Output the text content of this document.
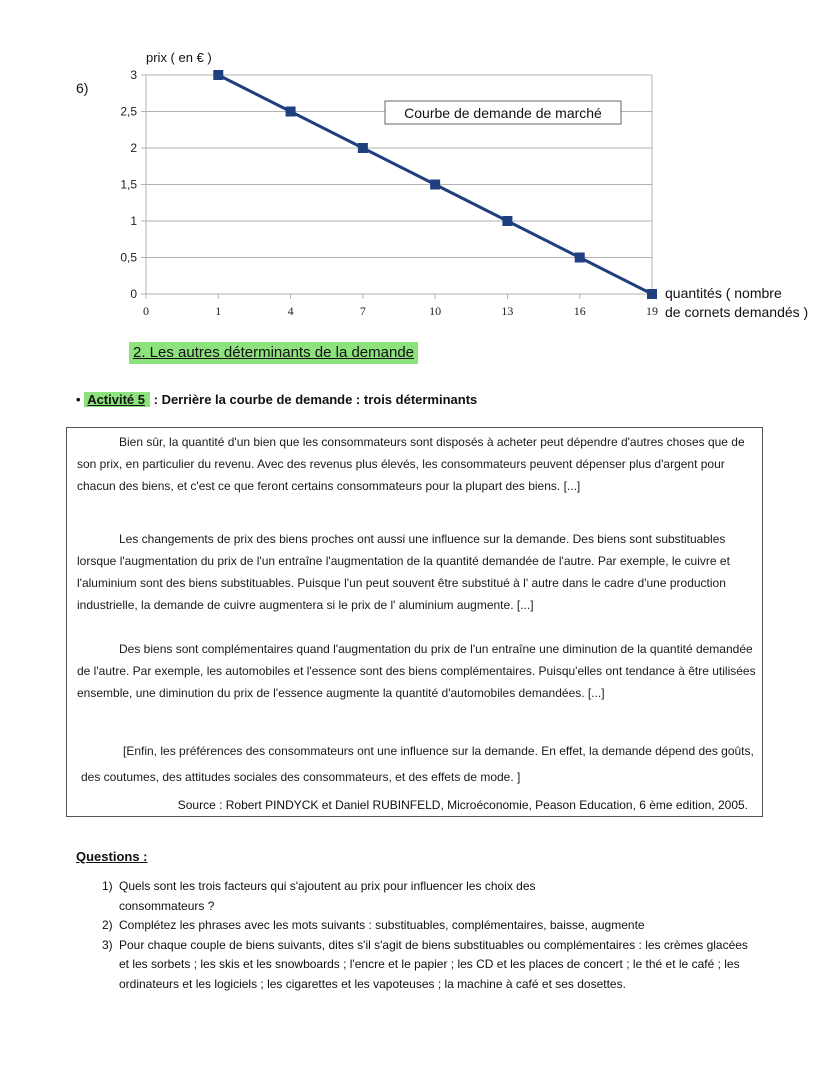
6)
0
0,5
1
1,5
2
2,5
3
0	1	4	7	10	13	16	19
prix ( en € )
quantités ( nombre
de cornets demandés )
Courbe de demande de marché
2. Les autres déterminants de la demande
• Activité 5 : Derrière la courbe de demande : trois déterminants
Bien sûr, la quantité d'un bien que les consommateurs sont disposés à acheter peut dépendre d'autres choses que de son prix, en particulier du revenu. Avec des revenus plus élevés, les consommateurs peuvent dépenser plus d'argent pour chacun des biens, et c'est ce que feront certains consommateurs pour la plupart des biens. [...]
Les changements de prix des biens proches ont aussi une influence sur la demande. Des biens sont substituables lorsque l'augmentation du prix de l'un entraîne l'augmentation de la quantité demandée de l'autre. Par exemple, le cuivre et l'aluminium sont des biens substituables. Puisque l'un peut souvent être substitué à l' autre dans le cadre d'une production industrielle, la demande de cuivre augmentera si le prix de l' aluminium augmente. [...]
Des biens sont complémentaires quand l'augmentation du prix de l'un entraîne une diminution de la quantité demandée de l'autre. Par exemple, les automobiles et l'essence sont des biens complémentaires. Puisqu'elles ont tendance à être utilisées ensemble, une diminution du prix de l'essence augmente la quantité d'automobiles demandées. [...]
[Enfin, les préférences des consommateurs ont une influence sur la demande. En effet, la demande dépend des goûts, des coutumes, des attitudes sociales des consommateurs, et des effets de mode. ]
Source : Robert PINDYCK et Daniel RUBINFELD, Microéconomie, Peason Education, 6 ème edition, 2005.
Questions :
1) Quels sont les trois facteurs qui s'ajoutent au prix pour influencer les choix des consommateurs ?
2) Complétez les phrases avec les mots suivants : substituables, complémentaires, baisse, augmente
3) Pour chaque couple de biens suivants, dites s'il s'agit de biens substituables ou complémentaires : les crèmes glacées et les sorbets ; les skis et les snowboards ; l'encre et le papier ; les CD et les places de concert ; le thé et le café ; les ordinateurs et les logiciels ; les cigarettes et les vapoteuses ; la machine à café et ses dosettes.
